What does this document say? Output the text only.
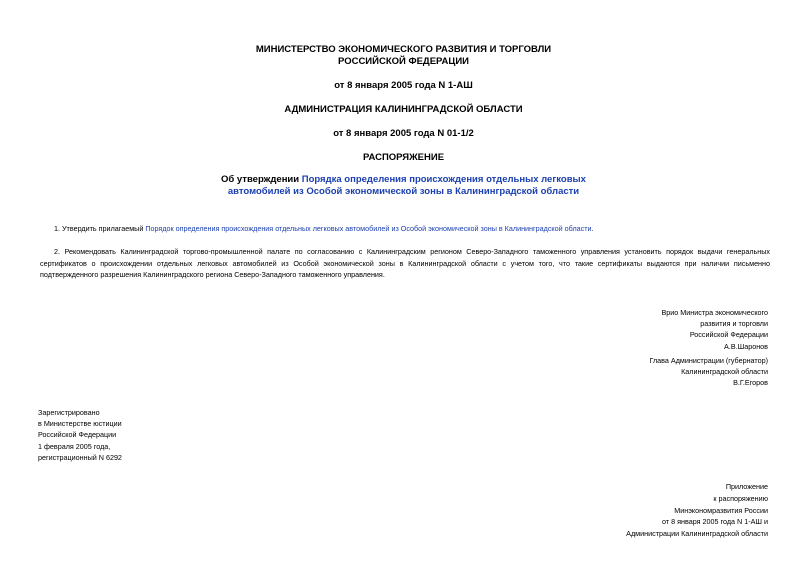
МИНИСТЕРСТВО ЭКОНОМИЧЕСКОГО РАЗВИТИЯ И ТОРГОВЛИ
РОССИЙСКОЙ ФЕДЕРАЦИИ
от 8 января 2005 года N 1-АШ
АДМИНИСТРАЦИЯ КАЛИНИНГРАДСКОЙ ОБЛАСТИ
от 8 января 2005 года N 01-1/2
РАСПОРЯЖЕНИЕ
Об утверждении Порядка определения происхождения отдельных легковых
автомобилей из Особой экономической зоны в Калининградской области
1. Утвердить прилагаемый Порядок определения происхождения отдельных легковых автомобилей из Особой экономической зоны в Калининградской области.
2. Рекомендовать Калининградской торгово-промышленной палате по согласованию с Калининградским регионом Северо-Западного таможенного управления установить порядок выдачи генеральных сертификатов о происхождении отдельных легковых автомобилей из Особой экономической зоны в Калининградской области с учетом того, что такие сертификаты выдаются при наличии письменно подтвержденного разрешения Калининградского региона Северо-Западного таможенного управления.
Врио Министра экономического
развития и торговли
Российской Федерации
А.В.Шаронов
Глава Администрации (губернатор)
Калининградской области
В.Г.Егоров
Зарегистрировано
в Министерстве юстиции
Российской Федерации
1 февраля 2005 года,
регистрационный N 6292
Приложение
к распоряжению
Минэкономразвития России
от 8 января 2005 года N 1-АШ и
Администрации Калининградской области
